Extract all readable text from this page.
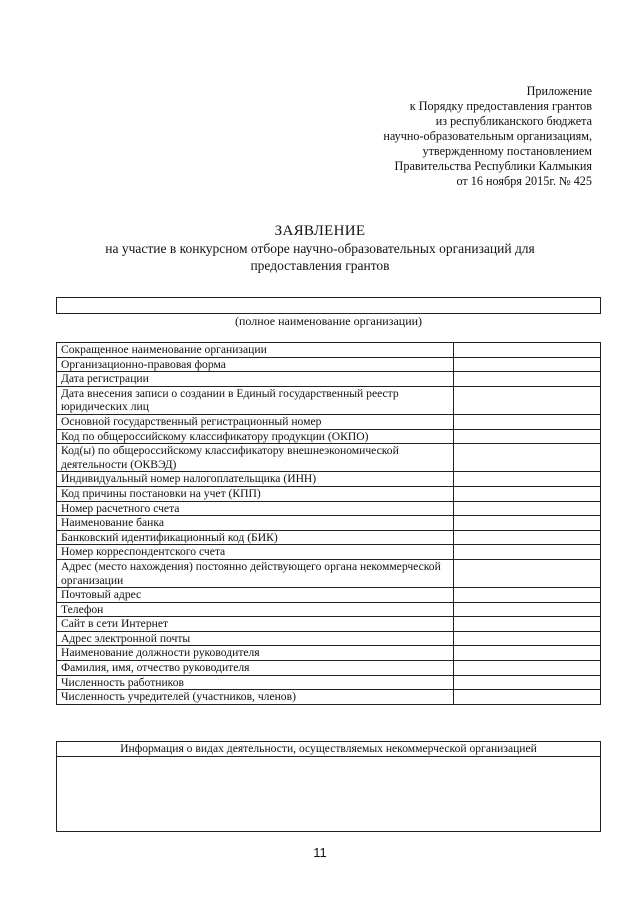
Приложение
к Порядку предоставления грантов
из республиканского бюджета
научно-образовательным организациям,
утвержденному постановлением
Правительства Республики Калмыкия
от 16 ноября 2015г. № 425
ЗАЯВЛЕНИЕ
на участие в конкурсном отборе научно-образовательных организаций для
предоставления грантов
(полное наименование организации)
Сокращенное наименование организации	
Организационно-правовая форма	
Дата регистрации	
Дата внесения записи о создании в Единый государственный реестр юридических лиц	
Основной государственный регистрационный номер	
Код по общероссийскому классификатору продукции (ОКПО)	
Код(ы) по общероссийскому классификатору внешнеэкономической деятельности (ОКВЭД)	
Индивидуальный номер налогоплательщика (ИНН)	
Код причины постановки на учет (КПП)	
Номер расчетного счета	
Наименование банка	
Банковский идентификационный код (БИК)	
Номер корреспондентского счета	
Адрес (место нахождения) постоянно действующего органа некоммерческой организации	
Почтовый адрес	
Телефон	
Сайт в сети Интернет	
Адрес электронной почты	
Наименование должности руководителя	
Фамилия, имя, отчество руководителя	
Численность работников	
Численность учредителей (участников, членов)	
Информация о видах деятельности, осуществляемых некоммерческой организацией

11
